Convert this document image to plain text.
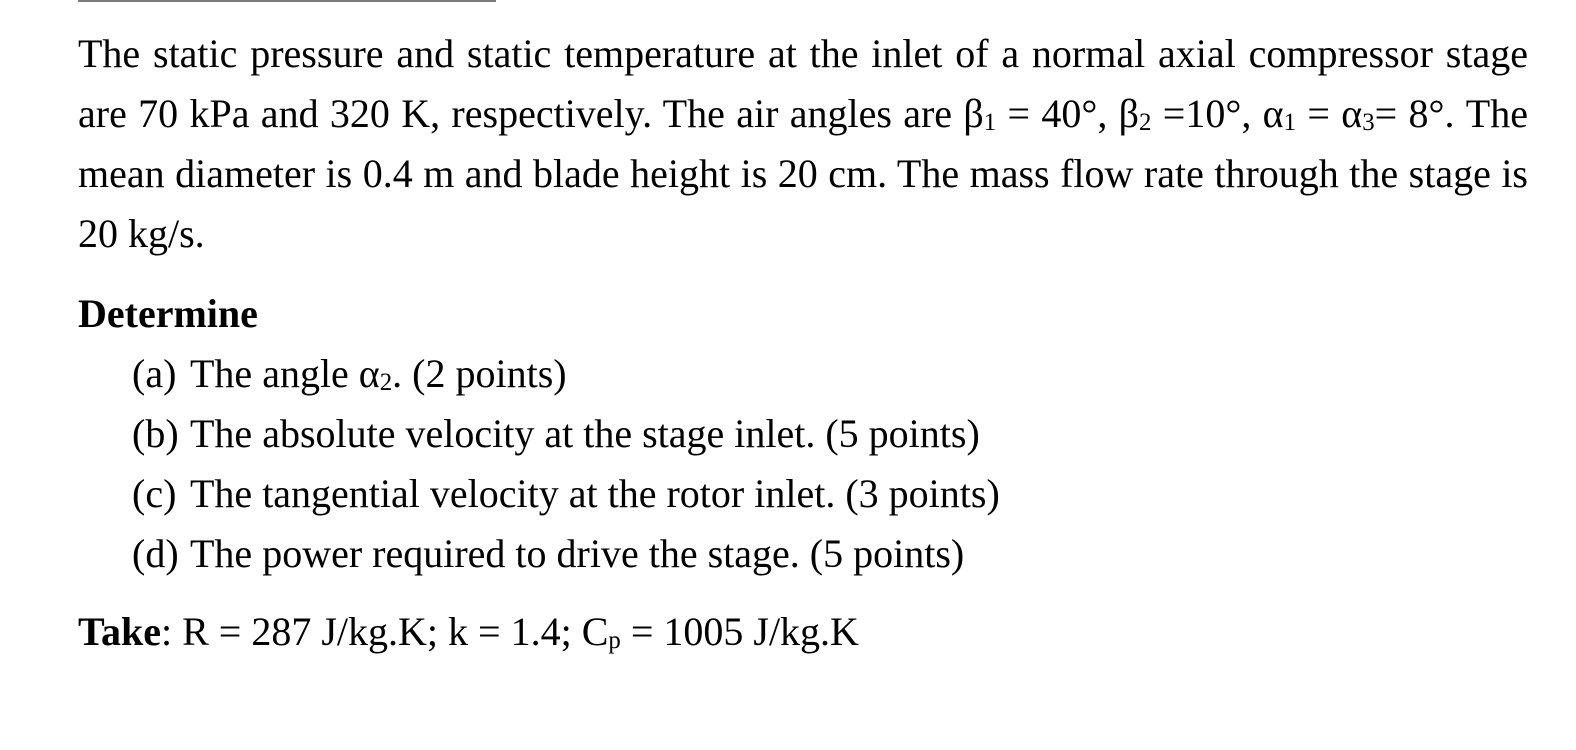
The static pressure and static temperature at the inlet of a normal axial compressor stage are 70 kPa and 320 K, respectively. The air angles are β1 = 40°, β2 =10°, α1 = α3= 8°. The mean diameter is 0.4 m and blade height is 20 cm. The mass flow rate through the stage is 20 kg/s.

Determine
(a) The angle α2. (2 points)
(b) The absolute velocity at the stage inlet. (5 points)
(c) The tangential velocity at the rotor inlet. (3 points)
(d) The power required to drive the stage. (5 points)
Take: R = 287 J/kg.K; k = 1.4; Cp = 1005 J/kg.K
